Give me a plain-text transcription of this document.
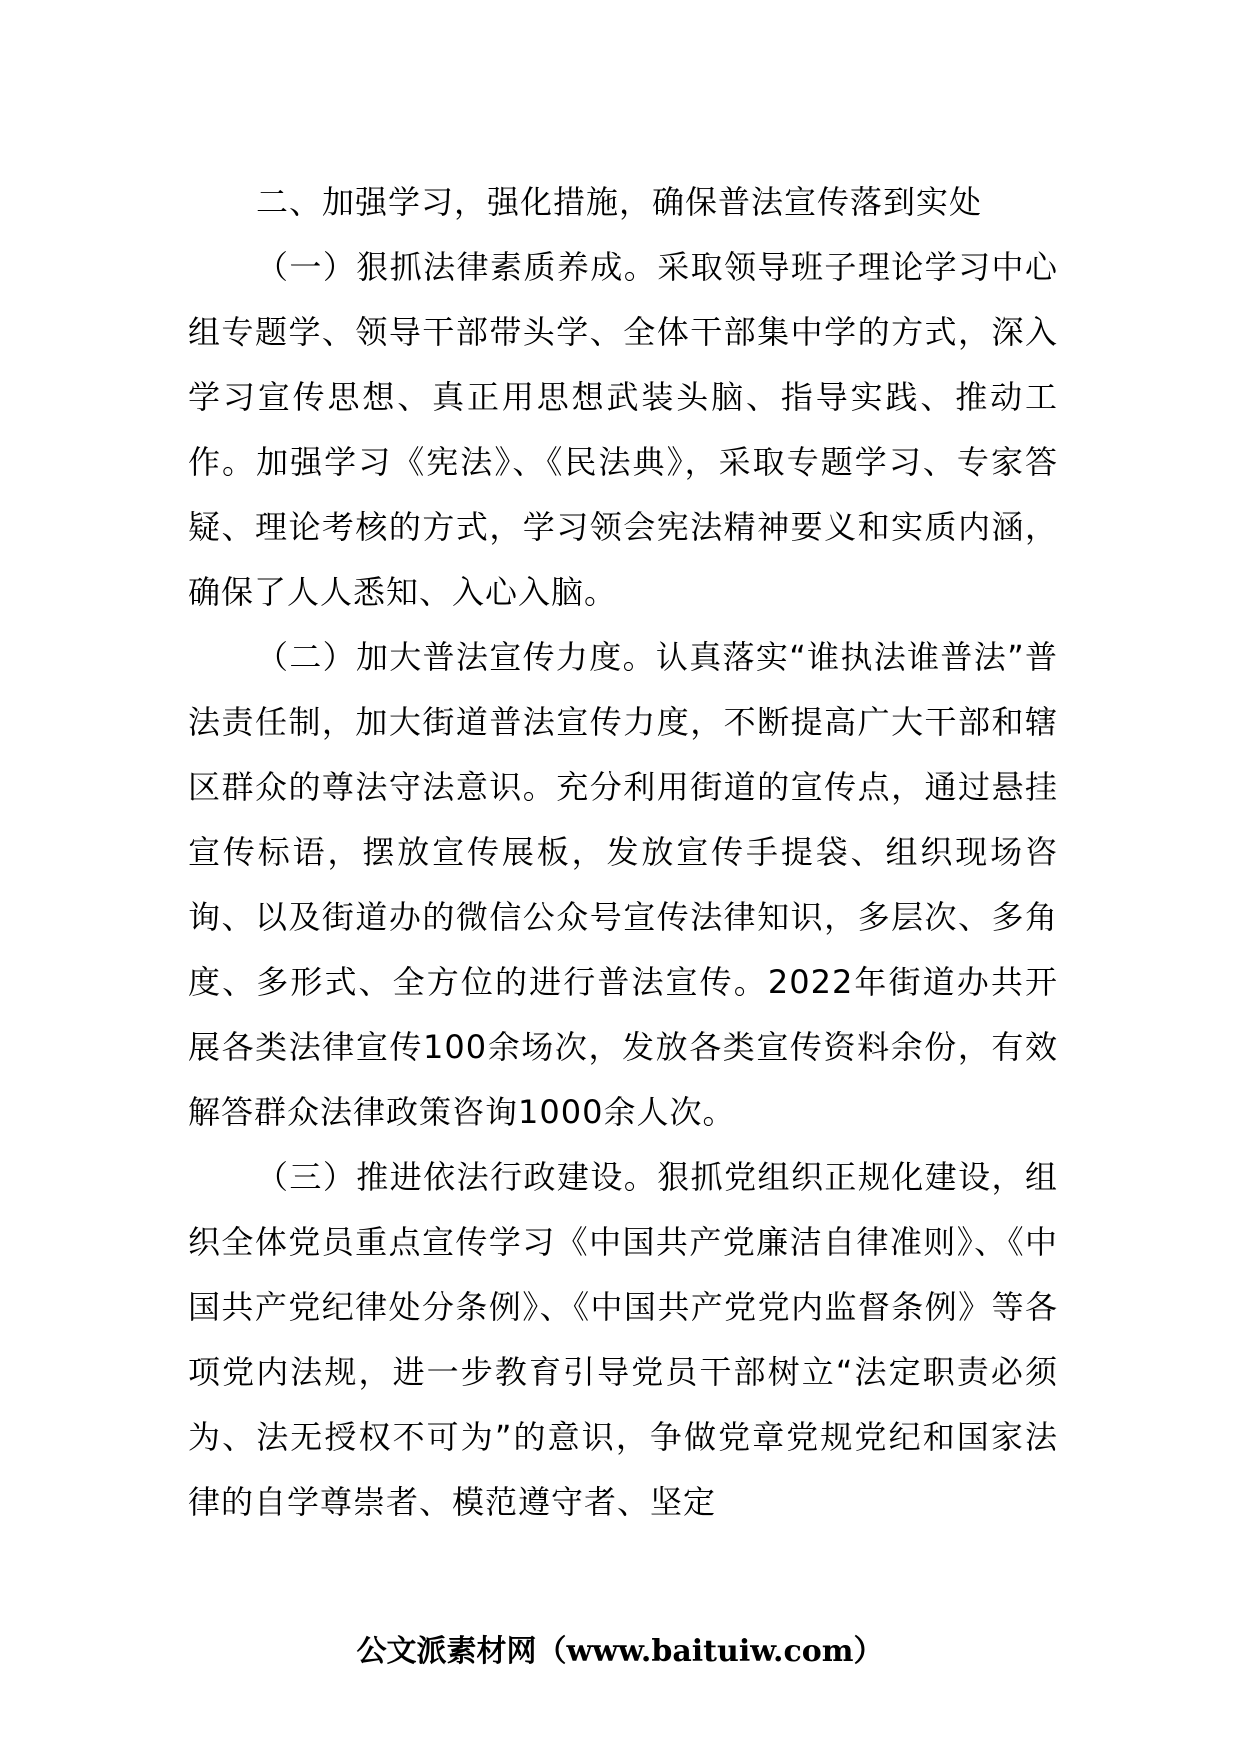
二、加强学习，强化措施，确保普法宣传落到实处

（一）狠抓法律素质养成。采取领导班子理论学习中心组专题学、领导干部带头学、全体干部集中学的方式，深入学习宣传思想、真正用思想武装头脑、指导实践、推动工作。加强学习《宪法》、《民法典》，采取专题学习、专家答疑、理论考核的方式，学习领会宪法精神要义和实质内涵，确保了人人悉知、入心入脑。

（二）加大普法宣传力度。认真落实“谁执法谁普法”普法责任制，加大街道普法宣传力度，不断提高广大干部和辖区群众的尊法守法意识。充分利用街道的宣传点，通过悬挂宣传标语，摆放宣传展板，发放宣传手提袋、组织现场咨询、以及街道办的微信公众号宣传法律知识，多层次、多角度、多形式、全方位的进行普法宣传。2022年街道办共开展各类法律宣传100余场次，发放各类宣传资料余份，有效解答群众法律政策咨询1000余人次。

（三）推进依法行政建设。狠抓党组织正规化建设，组织全体党员重点宣传学习《中国共产党廉洁自律准则》、《中国共产党纪律处分条例》、《中国共产党党内监督条例》等各项党内法规，进一步教育引导党员干部树立“法定职责必须为、法无授权不可为”的意识，争做党章党规党纪和国家法律的自学尊崇者、模范遵守者、坚定

公文派素材网（www.baituiw.com）
